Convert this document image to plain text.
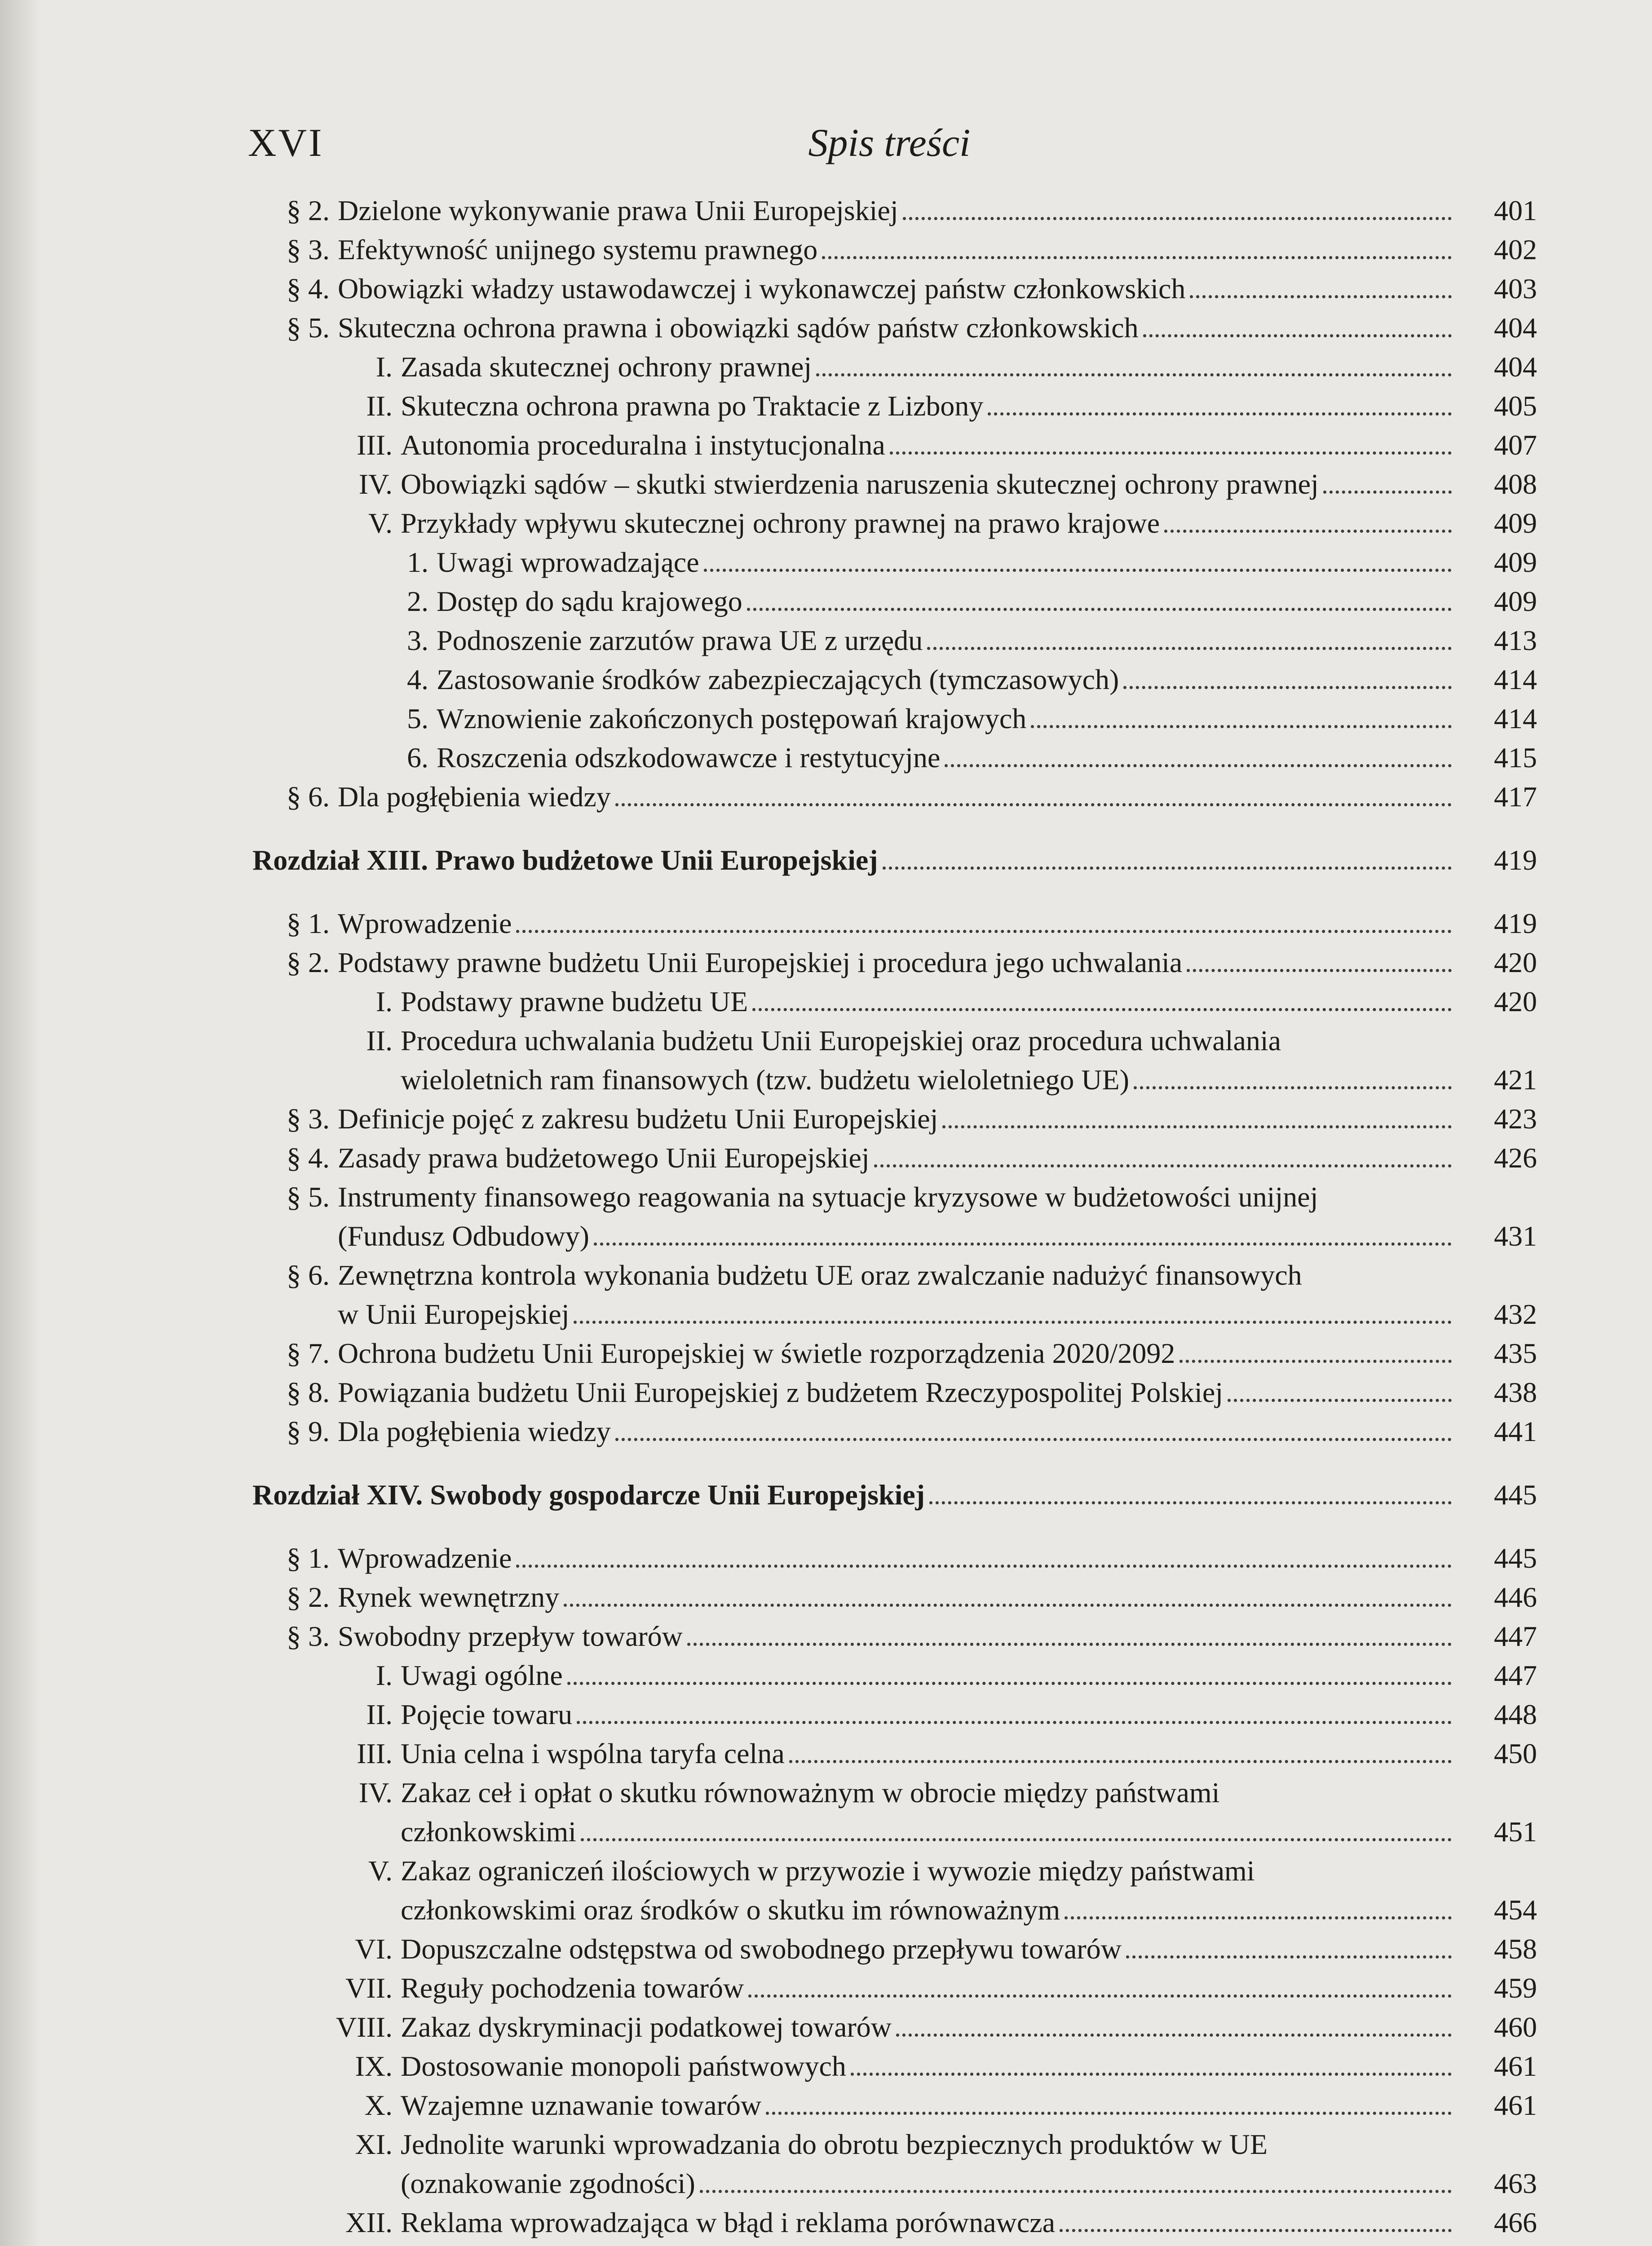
XVI	Spis treści
§ 2. Dzielone wykonywanie prawa Unii Europejskiej	401
§ 3. Efektywność unijnego systemu prawnego	402
§ 4. Obowiązki władzy ustawodawczej i wykonawczej państw członkowskich	403
§ 5. Skuteczna ochrona prawna i obowiązki sądów państw członkowskich	404
I. Zasada skutecznej ochrony prawnej	404
II. Skuteczna ochrona prawna po Traktacie z Lizbony	405
III. Autonomia proceduralna i instytucjonalna	407
IV. Obowiązki sądów – skutki stwierdzenia naruszenia skutecznej ochrony prawnej	408
V. Przykłady wpływu skutecznej ochrony prawnej na prawo krajowe	409
1. Uwagi wprowadzające	409
2. Dostęp do sądu krajowego	409
3. Podnoszenie zarzutów prawa UE z urzędu	413
4. Zastosowanie środków zabezpieczających (tymczasowych)	414
5. Wznowienie zakończonych postępowań krajowych	414
6. Roszczenia odszkodowawcze i restytucyjne	415
§ 6. Dla pogłębienia wiedzy	417
Rozdział XIII. Prawo budżetowe Unii Europejskiej	419
§ 1. Wprowadzenie	419
§ 2. Podstawy prawne budżetu Unii Europejskiej i procedura jego uchwalania	420
I. Podstawy prawne budżetu UE	420
II. Procedura uchwalania budżetu Unii Europejskiej oraz procedura uchwalania
wieloletnich ram finansowych (tzw. budżetu wieloletniego UE)	421
§ 3. Definicje pojęć z zakresu budżetu Unii Europejskiej	423
§ 4. Zasady prawa budżetowego Unii Europejskiej	426
§ 5. Instrumenty finansowego reagowania na sytuacje kryzysowe w budżetowości unijnej
(Fundusz Odbudowy)	431
§ 6. Zewnętrzna kontrola wykonania budżetu UE oraz zwalczanie nadużyć finansowych
w Unii Europejskiej	432
§ 7. Ochrona budżetu Unii Europejskiej w świetle rozporządzenia 2020/2092	435
§ 8. Powiązania budżetu Unii Europejskiej z budżetem Rzeczypospolitej Polskiej	438
§ 9. Dla pogłębienia wiedzy	441
Rozdział XIV. Swobody gospodarcze Unii Europejskiej	445
§ 1. Wprowadzenie	445
§ 2. Rynek wewnętrzny	446
§ 3. Swobodny przepływ towarów	447
I. Uwagi ogólne	447
II. Pojęcie towaru	448
III. Unia celna i wspólna taryfa celna	450
IV. Zakaz ceł i opłat o skutku równoważnym w obrocie między państwami
członkowskimi	451
V. Zakaz ograniczeń ilościowych w przywozie i wywozie między państwami
członkowskimi oraz środków o skutku im równoważnym	454
VI. Dopuszczalne odstępstwa od swobodnego przepływu towarów	458
VII. Reguły pochodzenia towarów	459
VIII. Zakaz dyskryminacji podatkowej towarów	460
IX. Dostosowanie monopoli państwowych	461
X. Wzajemne uznawanie towarów	461
XI. Jednolite warunki wprowadzania do obrotu bezpiecznych produktów w UE
(oznakowanie zgodności)	463
XII. Reklama wprowadzająca w błąd i reklama porównawcza	466
